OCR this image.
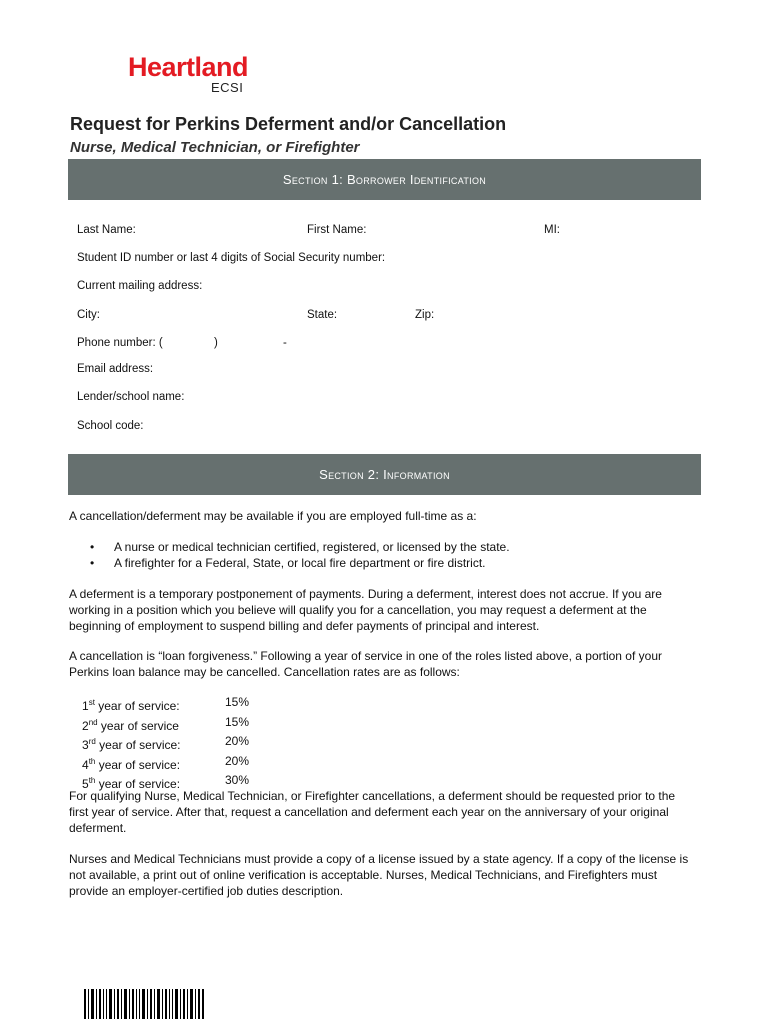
Heartland
ECSI
Request for Perkins Deferment and/or Cancellation
Nurse, Medical Technician, or Firefighter
Section 1: Borrower Identification
Last Name:	First Name:	MI:
Student ID number or last 4 digits of Social Security number:
Current mailing address:
City:	State:	Zip:
Phone number: (	)	-
Email address:
Lender/school name:
School code:
Section 2: Information
A cancellation/deferment may be available if you are employed full-time as a:
•	A nurse or medical technician certified, registered, or licensed by the state.
•	A firefighter for a Federal, State, or local fire department or fire district.
A deferment is a temporary postponement of payments. During a deferment, interest does not accrue. If you are working in a position which you believe will qualify you for a cancellation, you may request a deferment at the beginning of employment to suspend billing and defer payments of principal and interest.
A cancellation is “loan forgiveness.” Following a year of service in one of the roles listed above, a portion of your Perkins loan balance may be cancelled. Cancellation rates are as follows:
1st year of service:	15%
2nd year of service	15%
3rd year of service:	20%
4th year of service:	20%
5th year of service:	30%
For qualifying Nurse, Medical Technician, or Firefighter cancellations, a deferment should be requested prior to the first year of service. After that, request a cancellation and deferment each year on the anniversary of your original deferment.
Nurses and Medical Technicians must provide a copy of a license issued by a state agency. If a copy of the license is not available, a print out of online verification is acceptable. Nurses, Medical Technicians, and Firefighters must provide an employer-certified job duties description.
